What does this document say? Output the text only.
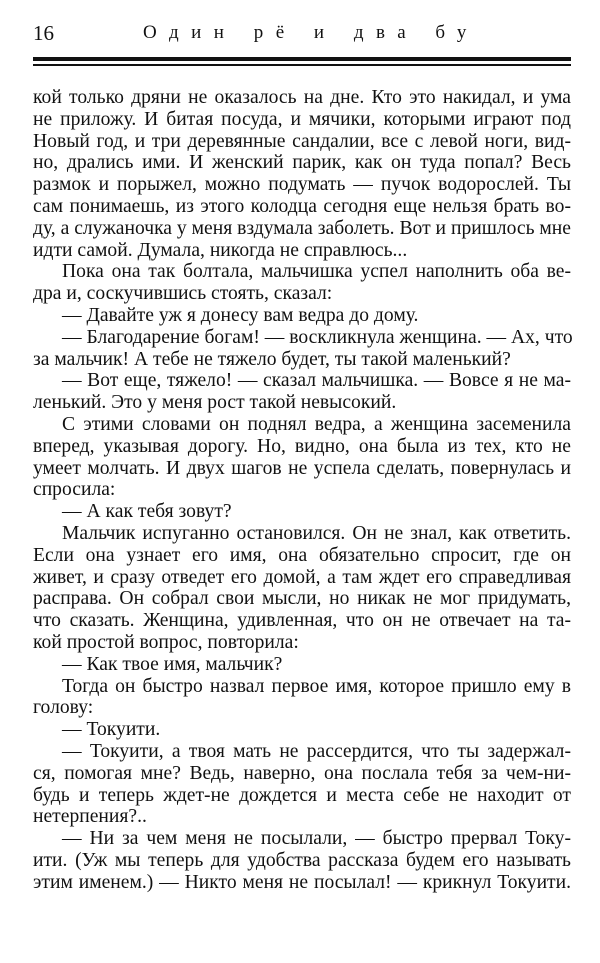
16	Один рё и два бу
кой только дряни не оказалось на дне. Кто это накидал, и ума
не приложу. И битая посуда, и мячики, которыми играют под
Новый год, и три деревянные сандалии, все с левой ноги, вид-
но, дрались ими. И женский парик, как он туда попал? Весь
размок и порыжел, можно подумать — пучок водорослей. Ты
сам понимаешь, из этого колодца сегодня еще нельзя брать во-
ду, а служаночка у меня вздумала заболеть. Вот и пришлось мне
идти самой. Думала, никогда не справлюсь...
Пока она так болтала, мальчишка успел наполнить оба ве-
дра и, соскучившись стоять, сказал:
— Давайте уж я донесу вам ведра до дому.
— Благодарение богам! — воскликнула женщина. — Ах, что
за мальчик! А тебе не тяжело будет, ты такой маленький?
— Вот еще, тяжело! — сказал мальчишка. — Вовсе я не ма-
ленький. Это у меня рост такой невысокий.
С этими словами он поднял ведра, а женщина засеменила
вперед, указывая дорогу. Но, видно, она была из тех, кто не
умеет молчать. И двух шагов не успела сделать, повернулась и
спросила:
— А как тебя зовут?
Мальчик испуганно остановился. Он не знал, как ответить.
Если она узнает его имя, она обязательно спросит, где он
живет, и сразу отведет его домой, а там ждет его справедливая
расправа. Он собрал свои мысли, но никак не мог придумать,
что сказать. Женщина, удивленная, что он не отвечает на та-
кой простой вопрос, повторила:
— Как твое имя, мальчик?
Тогда он быстро назвал первое имя, которое пришло ему в
голову:
— Токуити.
— Токуити, а твоя мать не рассердится, что ты задержал-
ся, помогая мне? Ведь, наверно, она послала тебя за чем-ни-
будь и теперь ждет-не дождется и места себе не находит от
нетерпения?..
— Ни за чем меня не посылали, — быстро прервал Току-
ити. (Уж мы теперь для удобства рассказа будем его называть
этим именем.) — Никто меня не посылал! — крикнул Токуити.
